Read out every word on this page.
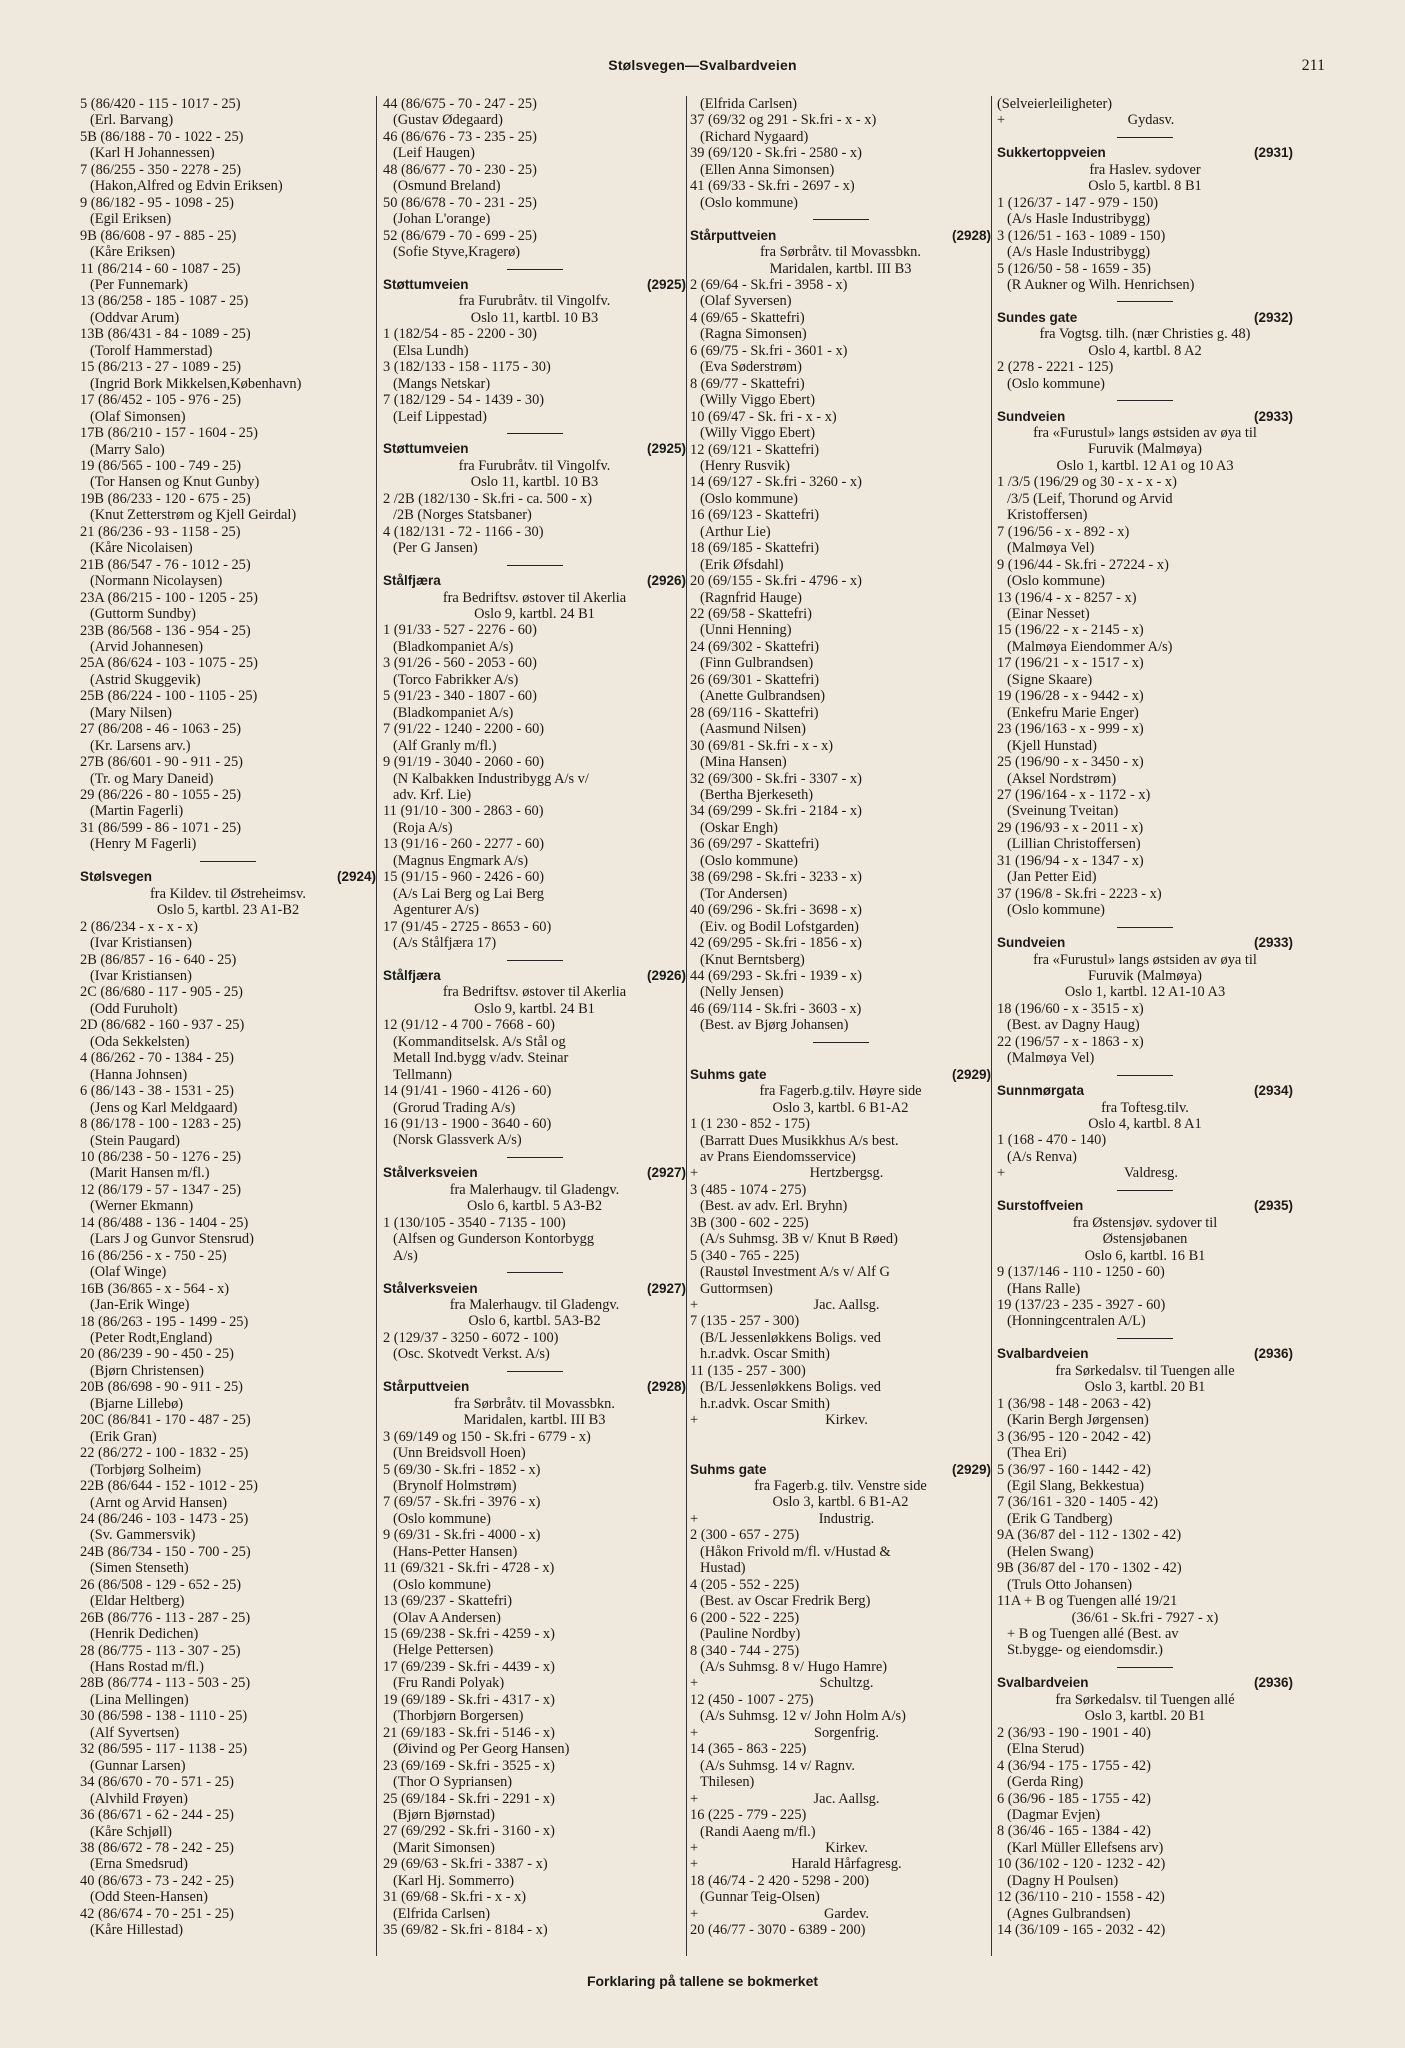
Stølsvegen—Svalbardveien	211
5 (86/420 - 115 - 1017 - 25)
(Erl. Barvang)
5B (86/188 - 70 - 1022 - 25)
(Karl H Johannessen)
7 (86/255 - 350 - 2278 - 25)
(Hakon,Alfred og Edvin Eriksen)
9 (86/182 - 95 - 1098 - 25)
(Egil Eriksen)
9B (86/608 - 97 - 885 - 25)
(Kåre Eriksen)
11 (86/214 - 60 - 1087 - 25)
(Per Funnemark)
13 (86/258 - 185 - 1087 - 25)
(Oddvar Arum)
13B (86/431 - 84 - 1089 - 25)
(Torolf Hammerstad)
15 (86/213 - 27 - 1089 - 25)
(Ingrid Bork Mikkelsen,København)
17 (86/452 - 105 - 976 - 25)
(Olaf Simonsen)
17B (86/210 - 157 - 1604 - 25)
(Marry Salo)
19 (86/565 - 100 - 749 - 25)
(Tor Hansen og Knut Gunby)
19B (86/233 - 120 - 675 - 25)
(Knut Zetterstrøm og Kjell Geirdal)
21 (86/236 - 93 - 1158 - 25)
(Kåre Nicolaisen)
21B (86/547 - 76 - 1012 - 25)
(Normann Nicolaysen)
23A (86/215 - 100 - 1205 - 25)
(Guttorm Sundby)
23B (86/568 - 136 - 954 - 25)
(Arvid Johannesen)
25A (86/624 - 103 - 1075 - 25)
(Astrid Skuggevik)
25B (86/224 - 100 - 1105 - 25)
(Mary Nilsen)
27 (86/208 - 46 - 1063 - 25)
(Kr. Larsens arv.)
27B (86/601 - 90 - 911 - 25)
(Tr. og Mary Daneid)
29 (86/226 - 80 - 1055 - 25)
(Martin Fagerli)
31 (86/599 - 86 - 1071 - 25)
(Henry M Fagerli)
Stølsvegen	(2924)
fra Kildev. til Østreheimsv.
Oslo 5, kartbl. 23 A1-B2
2 (86/234 - x - x - x)
(Ivar Kristiansen)
2B (86/857 - 16 - 640 - 25)
(Ivar Kristiansen)
2C (86/680 - 117 - 905 - 25)
(Odd Furuholt)
2D (86/682 - 160 - 937 - 25)
(Oda Sekkelsten)
4 (86/262 - 70 - 1384 - 25)
(Hanna Johnsen)
6 (86/143 - 38 - 1531 - 25)
(Jens og Karl Meldgaard)
8 (86/178 - 100 - 1283 - 25)
(Stein Paugard)
10 (86/238 - 50 - 1276 - 25)
(Marit Hansen m/fl.)
12 (86/179 - 57 - 1347 - 25)
(Werner Ekmann)
14 (86/488 - 136 - 1404 - 25)
(Lars J og Gunvor Stensrud)
16 (86/256 - x - 750 - 25)
(Olaf Winge)
16B (36/865 - x - 564 - x)
(Jan-Erik Winge)
18 (86/263 - 195 - 1499 - 25)
(Peter Rodt,England)
20 (86/239 - 90 - 450 - 25)
(Bjørn Christensen)
20B (86/698 - 90 - 911 - 25)
(Bjarne Lillebø)
20C (86/841 - 170 - 487 - 25)
(Erik Gran)
22 (86/272 - 100 - 1832 - 25)
(Torbjørg Solheim)
22B (86/644 - 152 - 1012 - 25)
(Arnt og Arvid Hansen)
24 (86/246 - 103 - 1473 - 25)
(Sv. Gammersvik)
24B (86/734 - 150 - 700 - 25)
(Simen Stenseth)
26 (86/508 - 129 - 652 - 25)
(Eldar Heltberg)
26B (86/776 - 113 - 287 - 25)
(Henrik Dedichen)
28 (86/775 - 113 - 307 - 25)
(Hans Rostad m/fl.)
28B (86/774 - 113 - 503 - 25)
(Lina Mellingen)
30 (86/598 - 138 - 1110 - 25)
(Alf Syvertsen)
32 (86/595 - 117 - 1138 - 25)
(Gunnar Larsen)
34 (86/670 - 70 - 571 - 25)
(Alvhild Frøyen)
36 (86/671 - 62 - 244 - 25)
(Kåre Schjøll)
38 (86/672 - 78 - 242 - 25)
(Erna Smedsrud)
40 (86/673 - 73 - 242 - 25)
(Odd Steen-Hansen)
42 (86/674 - 70 - 251 - 25)
(Kåre Hillestad)
44 (86/675 - 70 - 247 - 25)
(Gustav Ødegaard)
46 (86/676 - 73 - 235 - 25)
(Leif Haugen)
48 (86/677 - 70 - 230 - 25)
(Osmund Breland)
50 (86/678 - 70 - 231 - 25)
(Johan L'orange)
52 (86/679 - 70 - 699 - 25)
(Sofie Styve,Kragerø)
Støttumveien	(2925)
fra Furubråtv. til Vingolfv.
Oslo 11, kartbl. 10 B3
1 (182/54 - 85 - 2200 - 30)
(Elsa Lundh)
3 (182/133 - 158 - 1175 - 30)
(Mangs Netskar)
7 (182/129 - 54 - 1439 - 30)
(Leif Lippestad)
Støttumveien	(2925)
fra Furubråtv. til Vingolfv.
Oslo 11, kartbl. 10 B3
2 /2B (182/130 - Sk.fri - ca. 500 - x)
/2B (Norges Statsbaner)
4 (182/131 - 72 - 1166 - 30)
(Per G Jansen)
Stålfjæra	(2926)
fra Bedriftsv. østover til Akerlia
Oslo 9, kartbl. 24 B1
1 (91/33 - 527 - 2276 - 60)
(Bladkompaniet A/s)
3 (91/26 - 560 - 2053 - 60)
(Torco Fabrikker A/s)
5 (91/23 - 340 - 1807 - 60)
(Bladkompaniet A/s)
7 (91/22 - 1240 - 2200 - 60)
(Alf Granly m/fl.)
9 (91/19 - 3040 - 2060 - 60)
(N Kalbakken Industribygg A/s v/
adv. Krf. Lie)
11 (91/10 - 300 - 2863 - 60)
(Roja A/s)
13 (91/16 - 260 - 2277 - 60)
(Magnus Engmark A/s)
15 (91/15 - 960 - 2426 - 60)
(A/s Lai Berg og Lai Berg
Agenturer A/s)
17 (91/45 - 2725 - 8653 - 60)
(A/s Stålfjæra 17)
Stålfjæra	(2926)
fra Bedriftsv. østover til Akerlia
Oslo 9, kartbl. 24 B1
12 (91/12 - 4 700 - 7668 - 60)
(Kommanditselsk. A/s Stål og
Metall Ind.bygg v/adv. Steinar
Tellmann)
14 (91/41 - 1960 - 4126 - 60)
(Grorud Trading A/s)
16 (91/13 - 1900 - 3640 - 60)
(Norsk Glassverk A/s)
Stålverksveien	(2927)
fra Malerhaugv. til Gladengv.
Oslo 6, kartbl. 5 A3-B2
1 (130/105 - 3540 - 7135 - 100)
(Alfsen og Gunderson Kontorbygg
A/s)
Stålverksveien	(2927)
fra Malerhaugv. til Gladengv.
Oslo 6, kartbl. 5A3-B2
2 (129/37 - 3250 - 6072 - 100)
(Osc. Skotvedt Verkst. A/s)
Stårputtveien	(2928)
fra Sørbråtv. til Movassbkn.
Maridalen, kartbl. III B3
3 (69/149 og 150 - Sk.fri - 6779 - x)
(Unn Breidsvoll Hoen)
5 (69/30 - Sk.fri - 1852 - x)
(Brynolf Holmstrøm)
7 (69/57 - Sk.fri - 3976 - x)
(Oslo kommune)
9 (69/31 - Sk.fri - 4000 - x)
(Hans-Petter Hansen)
11 (69/321 - Sk.fri - 4728 - x)
(Oslo kommune)
13 (69/237 - Skattefri)
(Olav A Andersen)
15 (69/238 - Sk.fri - 4259 - x)
(Helge Pettersen)
17 (69/239 - Sk.fri - 4439 - x)
(Fru Randi Polyak)
19 (69/189 - Sk.fri - 4317 - x)
(Thorbjørn Borgersen)
21 (69/183 - Sk.fri - 5146 - x)
(Øivind og Per Georg Hansen)
23 (69/169 - Sk.fri - 3525 - x)
(Thor O Sypriansen)
25 (69/184 - Sk.fri - 2291 - x)
(Bjørn Bjørnstad)
27 (69/292 - Sk.fri - 3160 - x)
(Marit Simonsen)
29 (69/63 - Sk.fri - 3387 - x)
(Karl Hj. Sommerro)
31 (69/68 - Sk.fri - x - x)
(Elfrida Carlsen)
35 (69/82 - Sk.fri - 8184 - x)
(Elfrida Carlsen)
37 (69/32 og 291 - Sk.fri - x - x)
(Richard Nygaard)
39 (69/120 - Sk.fri - 2580 - x)
(Ellen Anna Simonsen)
41 (69/33 - Sk.fri - 2697 - x)
(Oslo kommune)
Stårputtveien	(2928)
fra Sørbråtv. til Movassbkn.
Maridalen, kartbl. III B3
2 (69/64 - Sk.fri - 3958 - x)
(Olaf Syversen)
4 (69/65 - Skattefri)
(Ragna Simonsen)
6 (69/75 - Sk.fri - 3601 - x)
(Eva Søderstrøm)
8 (69/77 - Skattefri)
(Willy Viggo Ebert)
10 (69/47 - Sk. fri - x - x)
(Willy Viggo Ebert)
12 (69/121 - Skattefri)
(Henry Rusvik)
14 (69/127 - Sk.fri - 3260 - x)
(Oslo kommune)
16 (69/123 - Skattefri)
(Arthur Lie)
18 (69/185 - Skattefri)
(Erik Øfsdahl)
20 (69/155 - Sk.fri - 4796 - x)
(Ragnfrid Hauge)
22 (69/58 - Skattefri)
(Unni Henning)
24 (69/302 - Skattefri)
(Finn Gulbrandsen)
26 (69/301 - Skattefri)
(Anette Gulbrandsen)
28 (69/116 - Skattefri)
(Aasmund Nilsen)
30 (69/81 - Sk.fri - x - x)
(Mina Hansen)
32 (69/300 - Sk.fri - 3307 - x)
(Bertha Bjerkeseth)
34 (69/299 - Sk.fri - 2184 - x)
(Oskar Engh)
36 (69/297 - Skattefri)
(Oslo kommune)
38 (69/298 - Sk.fri - 3233 - x)
(Tor Andersen)
40 (69/296 - Sk.fri - 3698 - x)
(Eiv. og Bodil Lofstgarden)
42 (69/295 - Sk.fri - 1856 - x)
(Knut Berntsberg)
44 (69/293 - Sk.fri - 1939 - x)
(Nelly Jensen)
46 (69/114 - Sk.fri - 3603 - x)
(Best. av Bjørg Johansen)
Suhms gate	(2929)
fra Fagerb.g.tilv. Høyre side
Oslo 3, kartbl. 6 B1-A2
1 (1 230 - 852 - 175)
(Barratt Dues Musikkhus A/s best.
av Prans Eiendomsservice)
+	Hertzbergsg.
3 (485 - 1074 - 275)
(Best. av adv. Erl. Bryhn)
3B (300 - 602 - 225)
(A/s Suhmsg. 3B v/ Knut B Røed)
5 (340 - 765 - 225)
(Raustøl Investment A/s v/ Alf G
Guttormsen)
+	Jac. Aallsg.
7 (135 - 257 - 300)
(B/L Jessenløkkens Boligs. ved
h.r.advk. Oscar Smith)
11 (135 - 257 - 300)
(B/L Jessenløkkens Boligs. ved
h.r.advk. Oscar Smith)
+	Kirkev.
Suhms gate	(2929)
fra Fagerb.g. tilv. Venstre side
Oslo 3, kartbl. 6 B1-A2
+	Industrig.
2 (300 - 657 - 275)
(Håkon Frivold m/fl. v/Hustad &
Hustad)
4 (205 - 552 - 225)
(Best. av Oscar Fredrik Berg)
6 (200 - 522 - 225)
(Pauline Nordby)
8 (340 - 744 - 275)
(A/s Suhmsg. 8 v/ Hugo Hamre)
+	Schultzg.
12 (450 - 1007 - 275)
(A/s Suhmsg. 12 v/ John Holm A/s)
+	Sorgenfrig.
14 (365 - 863 - 225)
(A/s Suhmsg. 14 v/ Ragnv.
Thilesen)
+	Jac. Aallsg.
16 (225 - 779 - 225)
(Randi Aaeng m/fl.)
+	Kirkev.
+	Harald Hårfagresg.
18 (46/74 - 2 420 - 5298 - 200)
(Gunnar Teig-Olsen)
+	Gardev.
20 (46/77 - 3070 - 6389 - 200)
(Selveierleiligheter)
+	Gydasv.
Sukkertoppveien	(2931)
fra Haslev. sydover
Oslo 5, kartbl. 8 B1
1 (126/37 - 147 - 979 - 150)
(A/s Hasle Industribygg)
3 (126/51 - 163 - 1089 - 150)
(A/s Hasle Industribygg)
5 (126/50 - 58 - 1659 - 35)
(R Aukner og Wilh. Henrichsen)
Sundes gate	(2932)
fra Vogtsg. tilh. (nær Christies g. 48)
Oslo 4, kartbl. 8 A2
2 (278 - 2221 - 125)
(Oslo kommune)
Sundveien	(2933)
fra «Furustul» langs østsiden av øya til
Furuvik (Malmøya)
Oslo 1, kartbl. 12 A1 og 10 A3
1 /3/5 (196/29 og 30 - x - x - x)
/3/5 (Leif, Thorund og Arvid
Kristoffersen)
7 (196/56 - x - 892 - x)
(Malmøya Vel)
9 (196/44 - Sk.fri - 27224 - x)
(Oslo kommune)
13 (196/4 - x - 8257 - x)
(Einar Nesset)
15 (196/22 - x - 2145 - x)
(Malmøya Eiendommer A/s)
17 (196/21 - x - 1517 - x)
(Signe Skaare)
19 (196/28 - x - 9442 - x)
(Enkefru Marie Enger)
23 (196/163 - x - 999 - x)
(Kjell Hunstad)
25 (196/90 - x - 3450 - x)
(Aksel Nordstrøm)
27 (196/164 - x - 1172 - x)
(Sveinung Tveitan)
29 (196/93 - x - 2011 - x)
(Lillian Christoffersen)
31 (196/94 - x - 1347 - x)
(Jan Petter Eid)
37 (196/8 - Sk.fri - 2223 - x)
(Oslo kommune)
Sundveien	(2933)
fra «Furustul» langs østsiden av øya til
Furuvik (Malmøya)
Oslo 1, kartbl. 12 A1-10 A3
18 (196/60 - x - 3515 - x)
(Best. av Dagny Haug)
22 (196/57 - x - 1863 - x)
(Malmøya Vel)
Sunnmørgata	(2934)
fra Toftesg.tilv.
Oslo 4, kartbl. 8 A1
1 (168 - 470 - 140)
(A/s Renva)
+	Valdresg.
Surstoffveien	(2935)
fra Østensjøv. sydover til
Østensjøbanen
Oslo 6, kartbl. 16 B1
9 (137/146 - 110 - 1250 - 60)
(Hans Ralle)
19 (137/23 - 235 - 3927 - 60)
(Honningcentralen A/L)
Svalbardveien	(2936)
fra Sørkedalsv. til Tuengen alle
Oslo 3, kartbl. 20 B1
1 (36/98 - 148 - 2063 - 42)
(Karin Bergh Jørgensen)
3 (36/95 - 120 - 2042 - 42)
(Thea Eri)
5 (36/97 - 160 - 1442 - 42)
(Egil Slang, Bekkestua)
7 (36/161 - 320 - 1405 - 42)
(Erik G Tandberg)
9A (36/87 del - 112 - 1302 - 42)
(Helen Swang)
9B (36/87 del - 170 - 1302 - 42)
(Truls Otto Johansen)
11A + B og Tuengen allé 19/21
(36/61 - Sk.fri - 7927 - x)
+ B og Tuengen allé (Best. av
St.bygge- og eiendomsdir.)
Svalbardveien	(2936)
fra Sørkedalsv. til Tuengen allé
Oslo 3, kartbl. 20 B1
2 (36/93 - 190 - 1901 - 40)
(Elna Sterud)
4 (36/94 - 175 - 1755 - 42)
(Gerda Ring)
6 (36/96 - 185 - 1755 - 42)
(Dagmar Evjen)
8 (36/46 - 165 - 1384 - 42)
(Karl Müller Ellefsens arv)
10 (36/102 - 120 - 1232 - 42)
(Dagny H Poulsen)
12 (36/110 - 210 - 1558 - 42)
(Agnes Gulbrandsen)
14 (36/109 - 165 - 2032 - 42)
Forklaring på tallene se bokmerket
